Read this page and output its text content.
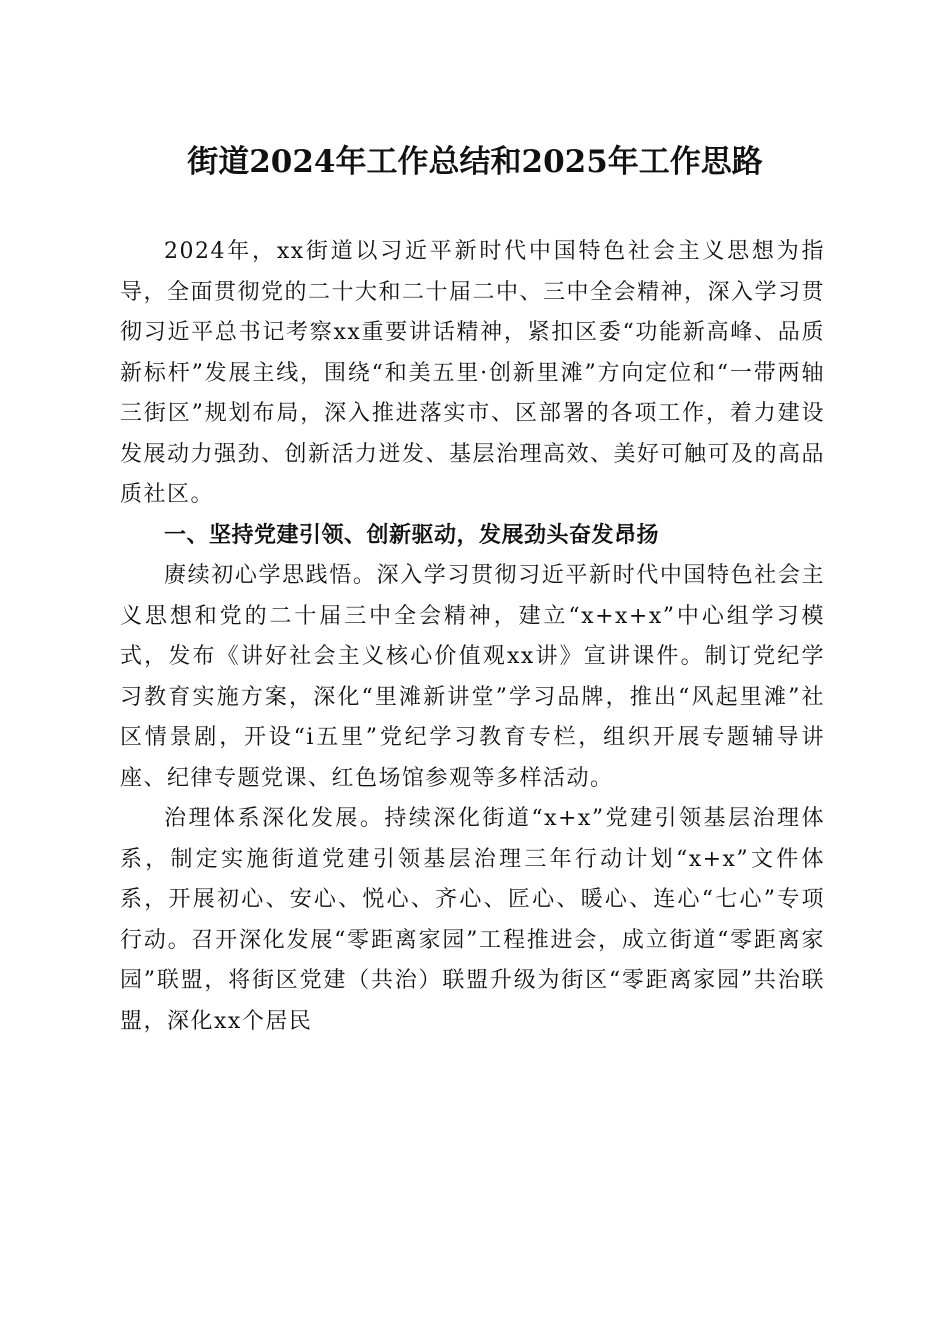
街道2024年工作总结和2025年工作思路

2024年，xx街道以习近平新时代中国特色社会主义思想为指导，全面贯彻党的二十大和二十届二中、三中全会精神，深入学习贯彻习近平总书记考察xx重要讲话精神，紧扣区委“功能新高峰、品质新标杆”发展主线，围绕“和美五里·创新里滩”方向定位和“一带两轴三街区”规划布局，深入推进落实市、区部署的各项工作，着力建设发展动力强劲、创新活力迸发、基层治理高效、美好可触可及的高品质社区。

一、坚持党建引领、创新驱动，发展劲头奋发昂扬

赓续初心学思践悟。深入学习贯彻习近平新时代中国特色社会主义思想和党的二十届三中全会精神，建立“x+x+x”中心组学习模式，发布《讲好社会主义核心价值观xx讲》宣讲课件。制订党纪学习教育实施方案，深化“里滩新讲堂”学习品牌，推出“风起里滩”社区情景剧，开设“i五里”党纪学习教育专栏，组织开展专题辅导讲座、纪律专题党课、红色场馆参观等多样活动。

治理体系深化发展。持续深化街道“x+x”党建引领基层治理体系，制定实施街道党建引领基层治理三年行动计划“x+x”文件体系，开展初心、安心、悦心、齐心、匠心、暖心、连心“七心”专项行动。召开深化发展“零距离家园”工程推进会，成立街道“零距离家园”联盟，将街区党建（共治）联盟升级为街区“零距离家园”共治联盟，深化xx个居民
